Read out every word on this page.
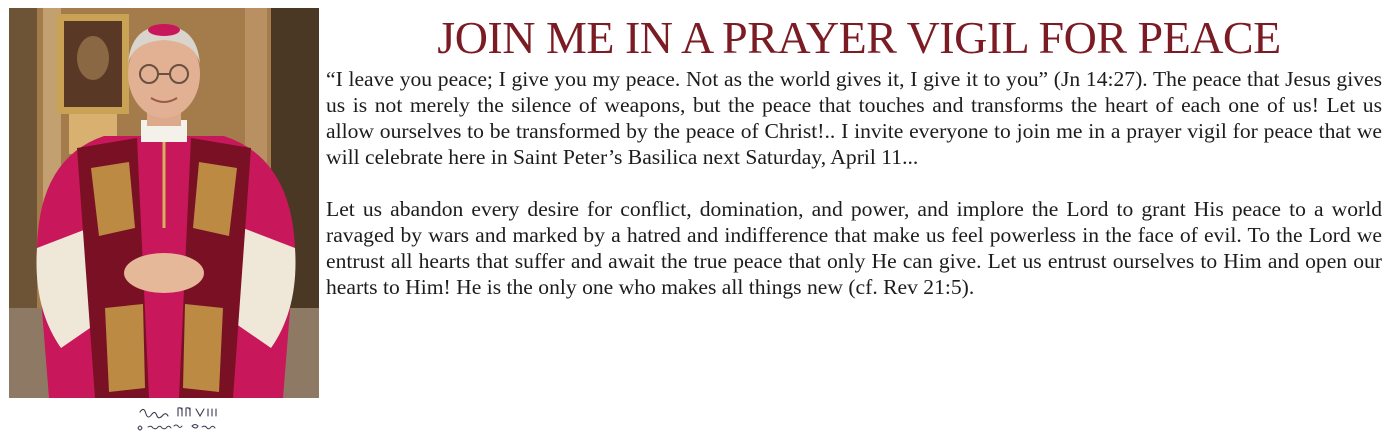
JOIN ME IN A PRAYER VIGIL FOR PEACE

“I leave you peace; I give you my peace. Not as the world gives it, I give it to you” (Jn 14:27). The peace that Jesus gives us is not merely the silence of weapons, but the peace that touches and transforms the heart of each one of us! Let us allow ourselves to be transformed by the peace of Christ!.. I invite everyone to join me in a prayer vigil for peace that we will celebrate here in Saint Peter’s Basilica next Saturday, April 11...

Let us abandon every desire for conflict, domination, and power, and implore the Lord to grant His peace to a world ravaged by wars and marked by a hatred and indifference that make us feel powerless in the face of evil. To the Lord we entrust all hearts that suffer and await the true peace that only He can give. Let us entrust ourselves to Him and open our hearts to Him! He is the only one who makes all things new (cf. Rev 21:5).
